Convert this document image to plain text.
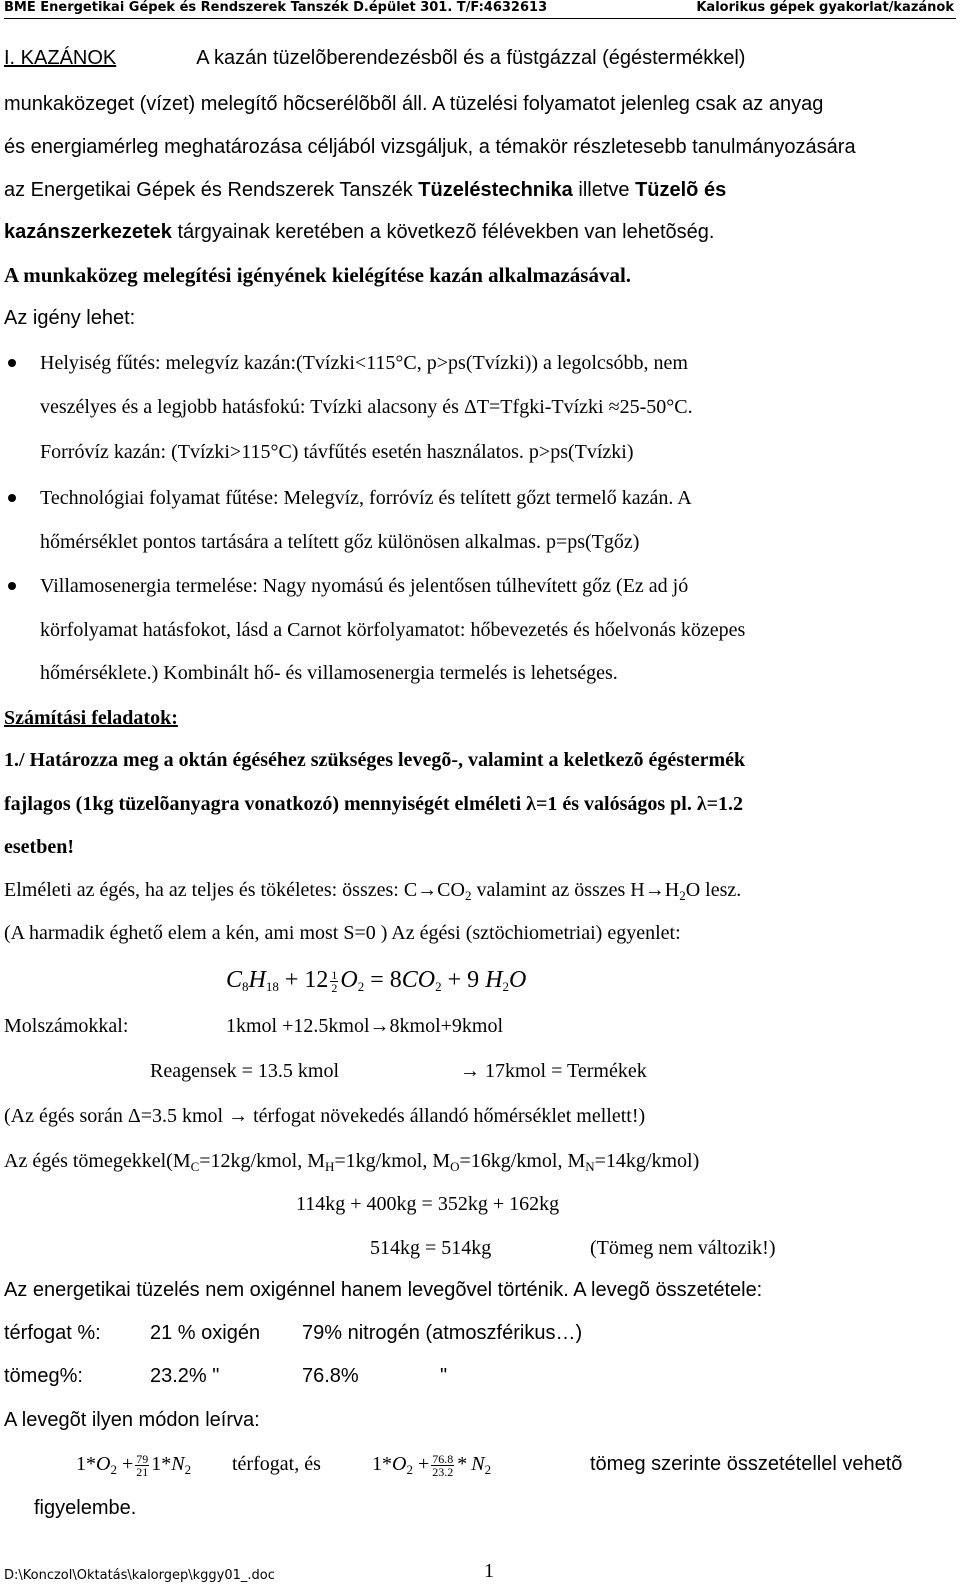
BME Energetikai Gépek és Rendszerek Tanszék D.épület 301. T/F:4632613	Kalorikus gépek gyakorlat/kazánok
I. KAZÁNOK	A kazán tüzelõberendezésbõl és a füstgázzal (égéstermékkel)
munkaközeget (vízet) melegítő hõcserélõbõl áll. A tüzelési folyamatot jelenleg csak az anyag
és energiamérleg meghatározása céljából vizsgáljuk, a témakör részletesebb tanulmányozására
az Energetikai Gépek és Rendszerek Tanszék Tüzeléstechnika illetve Tüzelõ és
kazánszerkezetek tárgyainak keretében a következõ félévekben van lehetõség.
A munkaközeg melegítési igényének kielégítése kazán alkalmazásával.
Az igény lehet:
Helyiség fűtés: melegvíz kazán:(Tvízki<115°C, p>ps(Tvízki)) a legolcsóbb, nem
veszélyes és a legjobb hatásfokú: Tvízki alacsony és ΔT=Tfgki-Tvízki ≈25-50°C.
Forróvíz kazán: (Tvízki>115°C) távfűtés esetén használatos. p>ps(Tvízki)
Technológiai folyamat fűtése: Melegvíz, forróvíz és telített gőzt termelő kazán. A
hőmérséklet pontos tartására a telített gőz különösen alkalmas. p=ps(Tgőz)
Villamosenergia termelése: Nagy nyomású és jelentősen túlhevített gőz (Ez ad jó
körfolyamat hatásfokot, lásd a Carnot körfolyamatot: hőbevezetés és hőelvonás közepes
hőmérséklete.) Kombinált hő- és villamosenergia termelés is lehetséges.
Számítási feladatok:
1./ Határozza meg a oktán égéséhez szükséges levegõ-, valamint a keletkezõ égéstermék
fajlagos (1kg tüzelõanyagra vonatkozó) mennyiségét elméleti λ=1 és valóságos pl. λ=1.2
esetben!
Elméleti az égés, ha az teljes és tökéletes: összes: $C\to CO_2$ valamint az összes $H\to H_2O$ lesz.
(A harmadik éghető elem a kén, ami most S=0 ) Az égési (sztöchiometriai) egyenlet:
$C_8H_{18} + 12 \frac{1}{2} O_2 = 8CO_2 + 9$ $H_2O$
Molszámokkal:	1kmol +12.5kmol→8kmol+9kmol
Reagensek = 13.5 kmol	→ 17kmol = Termékek
(Az égés során Δ=3.5 kmol → térfogat növekedés állandó hőmérséklet mellett!)
Az égés $tömegekkel(M_C=12kg$/kmol, $M_H=1kg$/kmol, $M_O=16kg$/kmol, $M_N=14kg/kmol$)
114kg + 400kg = 352kg + 162kg
514kg = 514kg	(Tömeg nem változik!)
Az energetikai tüzelés nem oxigénnel hanem levegõvel történik. A levegõ összetétele:
térfogat %: 21 % oxigén 79% nitrogén (atmoszférikus…)
tömeg%:	23.2% "	76.8%	"
A levegõt ilyen módon leírva:
$1*O_2 + \frac{79}{21} 1*N_2$ térfogat, és	$1*O_2 + \frac{76.8}{23.2} * N_2$	tömeg szerinte összetétellel vehetõ
figyelembe.
D:\Konczol\Oktatás\kalorgep\kggy01_.doc	1
